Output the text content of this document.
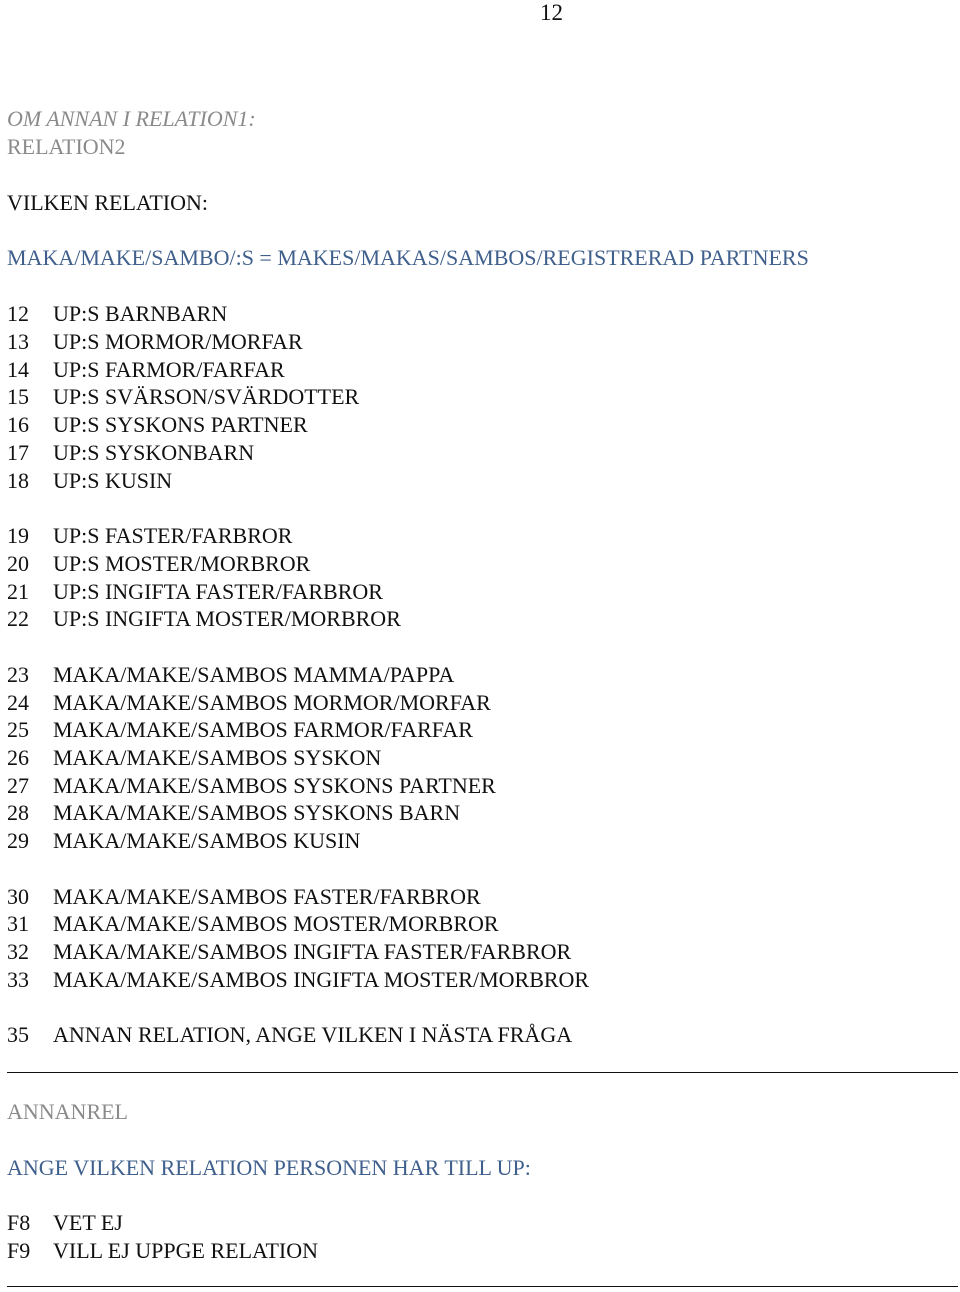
12
OM ANNAN I RELATION1:
RELATION2
VILKEN RELATION:
MAKA/MAKE/SAMBO/:S = MAKES/MAKAS/SAMBOS/REGISTRERAD PARTNERS
ANNANREL
ANGE VILKEN RELATION PERSONEN HAR TILL UP:
12 UP:S BARNBARN
13 UP:S MORMOR/MORFAR
14 UP:S FARMOR/FARFAR
15 UP:S SVÄRSON/SVÄRDOTTER
16 UP:S SYSKONS PARTNER
17 UP:S SYSKONBARN
18 UP:S KUSIN
19 UP:S FASTER/FARBROR
20 UP:S MOSTER/MORBROR
21 UP:S INGIFTA FASTER/FARBROR
22 UP:S INGIFTA MOSTER/MORBROR
23 MAKA/MAKE/SAMBOS MAMMA/PAPPA
24 MAKA/MAKE/SAMBOS MORMOR/MORFAR
25 MAKA/MAKE/SAMBOS FARMOR/FARFAR
26 MAKA/MAKE/SAMBOS SYSKON
27 MAKA/MAKE/SAMBOS SYSKONS PARTNER
28 MAKA/MAKE/SAMBOS SYSKONS BARN
29 MAKA/MAKE/SAMBOS KUSIN
30 MAKA/MAKE/SAMBOS FASTER/FARBROR
31 MAKA/MAKE/SAMBOS MOSTER/MORBROR
32 MAKA/MAKE/SAMBOS INGIFTA FASTER/FARBROR
33 MAKA/MAKE/SAMBOS INGIFTA MOSTER/MORBROR
35 ANNAN RELATION, ANGE VILKEN I NÄSTA FRÅGA
F8 VET EJ
F9 VILL EJ UPPGE RELATION
